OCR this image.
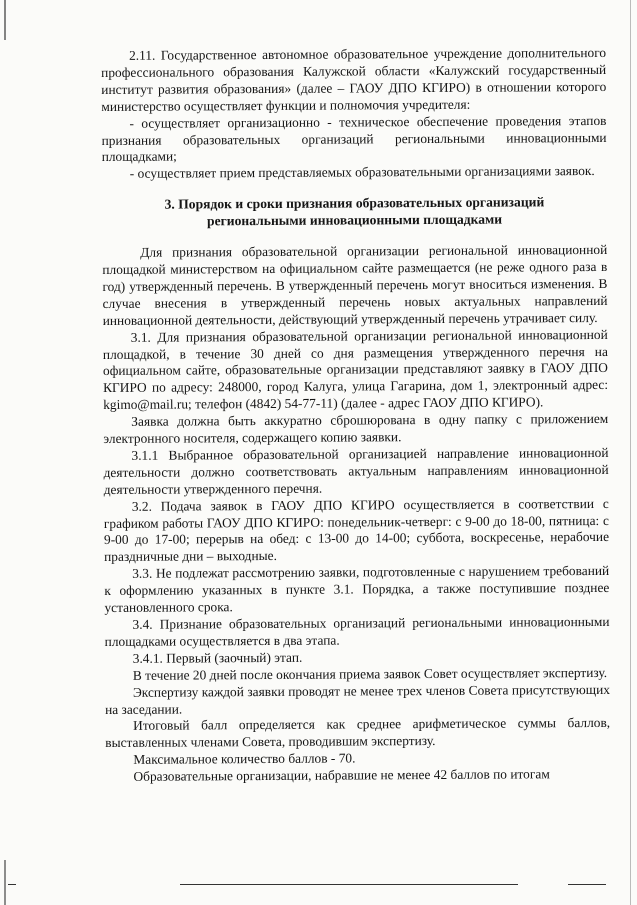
2.11. Государственное автономное образовательное учреждение дополнительного профессионального образования Калужской области «Калужский государственный институт развития образования» (далее – ГАОУ ДПО КГИРО) в отношении которого министерство осуществляет функции и полномочия учредителя:

- осуществляет организационно - техническое обеспечение проведения этапов признания образовательных организаций региональными инновационными площадками;

- осуществляет прием представляемых образовательными организациями заявок.

3. Порядок и сроки признания образовательных организаций
региональными инновационными площадками

Для признания образовательной организации региональной инновационной площадкой министерством на официальном сайте размещается (не реже одного раза в год) утвержденный перечень. В утвержденный перечень могут вноситься изменения. В случае внесения в утвержденный перечень новых актуальных направлений инновационной деятельности, действующий утвержденный перечень утрачивает силу.

3.1. Для признания образовательной организации региональной инновационной площадкой, в течение 30 дней со дня размещения утвержденного перечня на официальном сайте, образовательные организации представляют заявку в ГАОУ ДПО КГИРО по адресу: 248000, город Калуга, улица Гагарина, дом 1, электронный адрес: kgimo@mail.ru; телефон (4842) 54-77-11) (далее - адрес ГАОУ ДПО КГИРО).

Заявка должна быть аккуратно сброшюрована в одну папку с приложением электронного носителя, содержащего копию заявки.

3.1.1 Выбранное образовательной организацией направление инновационной деятельности должно соответствовать актуальным направлениям инновационной деятельности утвержденного перечня.

3.2. Подача заявок в ГАОУ ДПО КГИРО осуществляется в соответствии с графиком работы ГАОУ ДПО КГИРО: понедельник-четверг: с 9-00 до 18-00, пятница: с 9-00 до 17-00; перерыв на обед: с 13-00 до 14-00; суббота, воскресенье, нерабочие праздничные дни – выходные.

3.3. Не подлежат рассмотрению заявки, подготовленные с нарушением требований к оформлению указанных в пункте 3.1. Порядка, а также поступившие позднее установленного срока.

3.4. Признание образовательных организаций региональными инновационными площадками осуществляется в два этапа.

3.4.1. Первый (заочный) этап.

В течение 20 дней после окончания приема заявок Совет осуществляет экспертизу.

Экспертизу каждой заявки проводят не менее трех членов Совета присутствующих на заседании.

Итоговый балл определяется как среднее арифметическое суммы баллов, выставленных членами Совета, проводившим экспертизу.

Максимальное количество баллов - 70.

Образовательные организации, набравшие не менее 42 баллов по итогам
